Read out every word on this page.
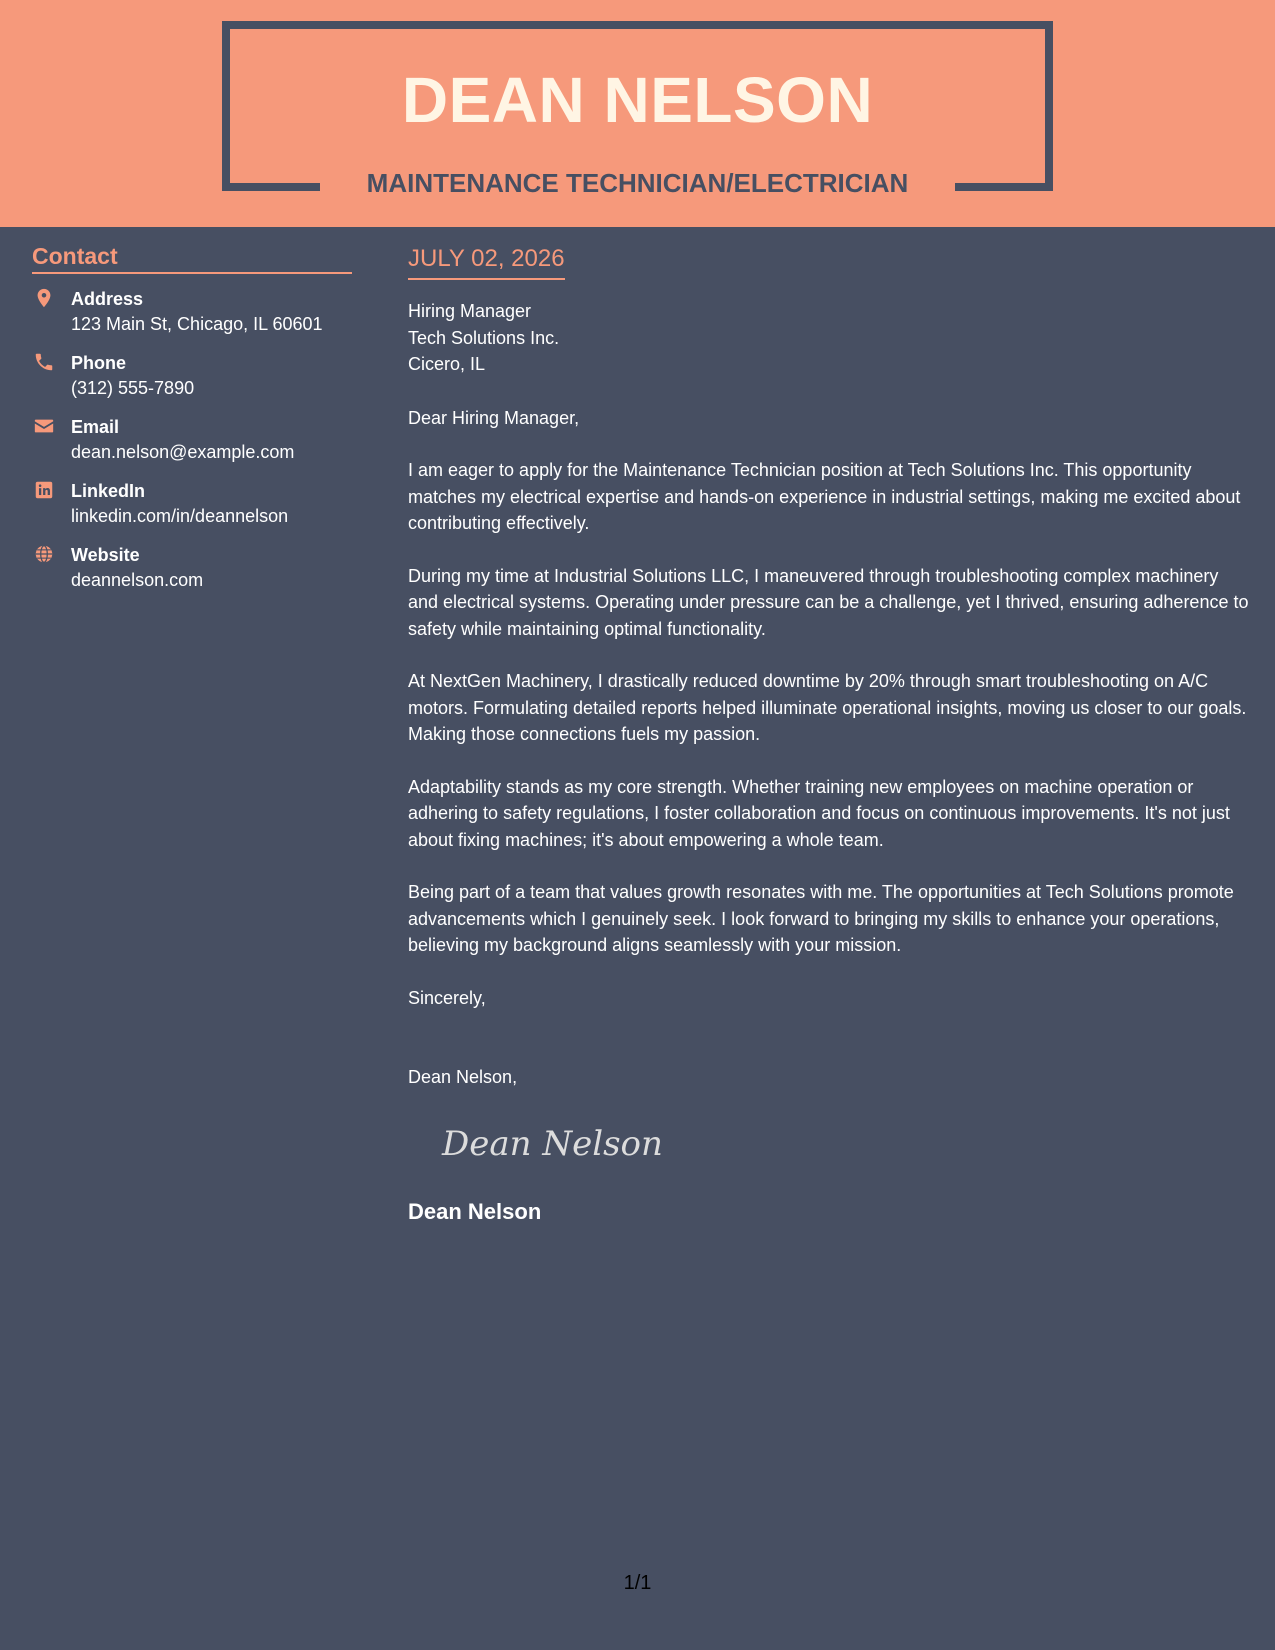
DEAN NELSON
MAINTENANCE TECHNICIAN/ELECTRICIAN
Contact
Address
123 Main St, Chicago, IL 60601
Phone
(312) 555-7890
Email
dean.nelson@example.com
LinkedIn
linkedin.com/in/deannelson
Website
deannelson.com
JULY 02, 2026
Hiring Manager
Tech Solutions Inc.
Cicero, IL

Dear Hiring Manager,

I am eager to apply for the Maintenance Technician position at Tech Solutions Inc. This opportunity matches my electrical expertise and hands-on experience in industrial settings, making me excited about contributing effectively.

During my time at Industrial Solutions LLC, I maneuvered through troubleshooting complex machinery and electrical systems. Operating under pressure can be a challenge, yet I thrived, ensuring adherence to safety while maintaining optimal functionality.

At NextGen Machinery, I drastically reduced downtime by 20% through smart troubleshooting on A/C motors. Formulating detailed reports helped illuminate operational insights, moving us closer to our goals. Making those connections fuels my passion.

Adaptability stands as my core strength. Whether training new employees on machine operation or adhering to safety regulations, I foster collaboration and focus on continuous improvements. It's not just about fixing machines; it's about empowering a whole team.

Being part of a team that values growth resonates with me. The opportunities at Tech Solutions promote advancements which I genuinely seek. I look forward to bringing my skills to enhance your operations, believing my background aligns seamlessly with your mission.

Sincerely,

Dean Nelson,

Dean Nelson
Dean Nelson
1/1
